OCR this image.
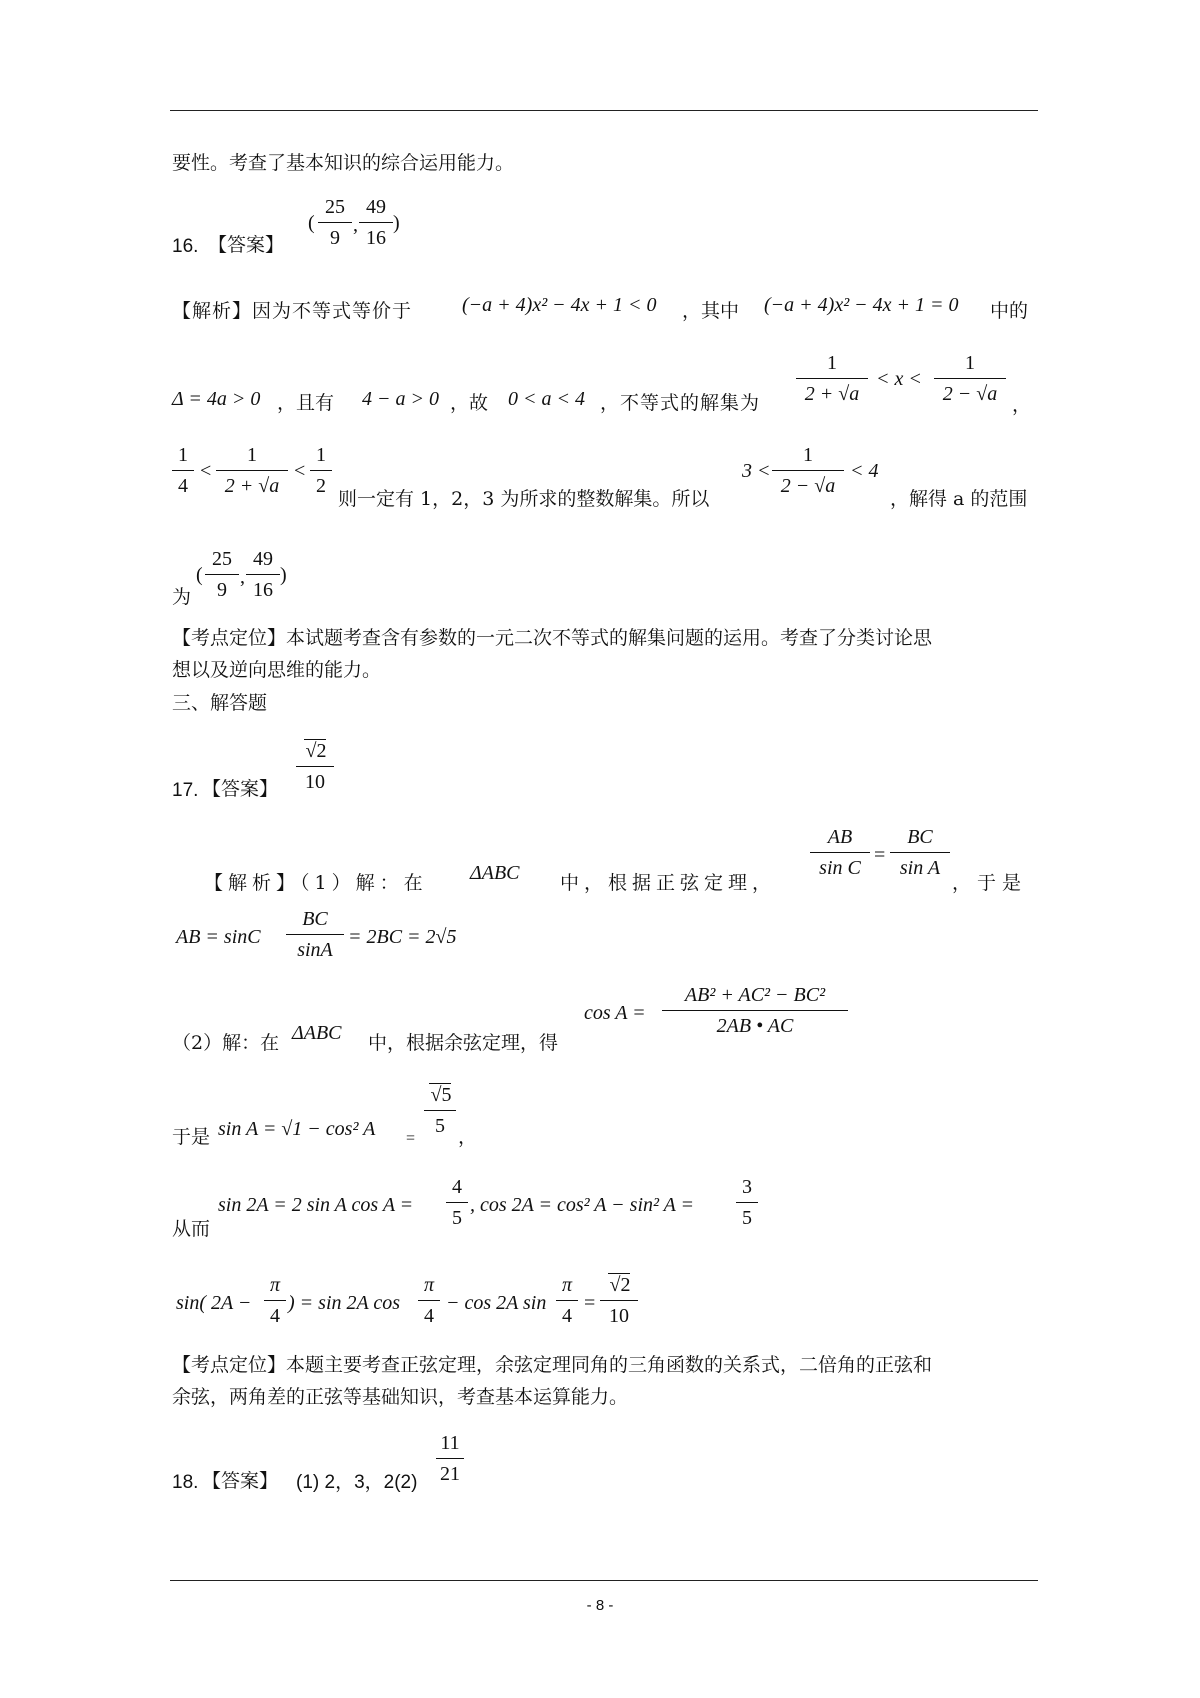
要性。考查了基本知识的综合运用能力。
16. 【答案】
( $\frac{25}{9}$ , $\frac{49}{16}$ )
【解析】因为不等式等价于 (−a + 4)x² − 4x + 1 < 0 ，其中 (−a + 4)x² − 4x + 1 = 0 中的
Δ = 4a > 0 ，且有 4 − a > 0 ，故 0 < a < 4 ，不等式的解集为 $\frac{1}{2 + √a} < x < \frac{1}{2 - √a}$ ，
$\frac{1}{4} < \frac{1}{2 + √a} < \frac{1}{2}$ 则一定有 1，2，3 为所求的整数解集。所以
$3 < \frac{1}{2 - √a} < 4$
，解得 a 的范围
为
( $\frac{25}{9}$ , $\frac{49}{16}$ )
【考点定位】本试题考查含有参数的一元二次不等式的解集问题的运用。考查了分类讨论思
想以及逆向思维的能力。
三、解答题
17. 【答案】 $\frac{√2}{10}$
【解析】（1）解：在 ΔABC 中，根据正弦定理， $\frac{AB}{\text{sin C}} = \frac{BC}{\text{sin A}}$ ，于是
AB = sinC $\frac{BC}{\sin A} = 2BC = 2√5$
（2）解：在 ΔABC 中，根据余弦定理，得
$\cos A = \frac{\text{AB² + AC² − BC²}}{2AB • AC}$
于是 sin A = √1 − cos² $A = \frac{√5}{5}$ ，
从而
sin 2A = 2 sin A $\cos A = \frac{4}{5}$ , cos 2A = cos² A − sin² $A = \frac{3}{5}$
sin( $2A - \frac{\pi}{4}$ ) = sin 2A $\cos \frac{\pi}{4} - \cos 2A$ $\sin \frac{\pi}{4} = \frac{√2}{10}$
【考点定位】本题主要考查正弦定理，余弦定理同角的三角函数的关系式，二倍角的正弦和
余弦，两角差的正弦等基础知识，考查基本运算能力。
18. 【答案】 (1) 2，3，$2(2) \frac{11}{21}$
- 8 -
